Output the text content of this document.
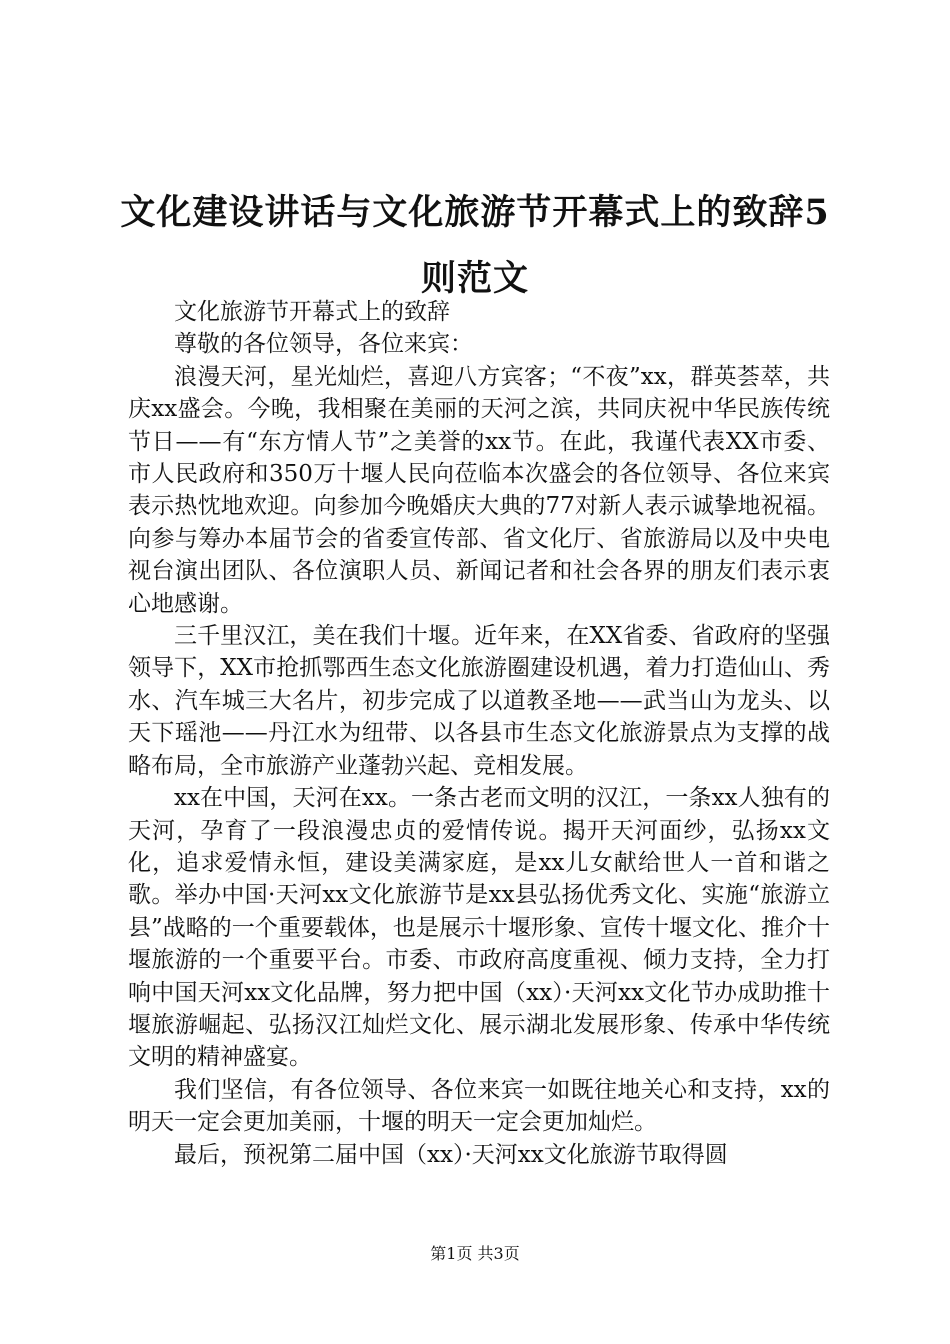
文化建设讲话与文化旅游节开幕式上的致辞5则范文

文化旅游节开幕式上的致辞

尊敬的各位领导，各位来宾：

浪漫天河，星光灿烂，喜迎八方宾客；“不夜”xx，群英荟萃，共庆xx盛会。今晚，我相聚在美丽的天河之滨，共同庆祝中华民族传统节日——有“东方情人节”之美誉的xx节。在此，我谨代表XX市委、市人民政府和350万十堰人民向莅临本次盛会的各位领导、各位来宾表示热忱地欢迎。向参加今晚婚庆大典的77对新人表示诚挚地祝福。向参与筹办本届节会的省委宣传部、省文化厅、省旅游局以及中央电视台演出团队、各位演职人员、新闻记者和社会各界的朋友们表示衷心地感谢。

三千里汉江，美在我们十堰。近年来，在XX省委、省政府的坚强领导下，XX市抢抓鄂西生态文化旅游圈建设机遇，着力打造仙山、秀水、汽车城三大名片，初步完成了以道教圣地——武当山为龙头、以天下瑶池——丹江水为纽带、以各县市生态文化旅游景点为支撑的战略布局，全市旅游产业蓬勃兴起、竞相发展。

xx在中国，天河在xx。一条古老而文明的汉江，一条xx人独有的天河，孕育了一段浪漫忠贞的爱情传说。揭开天河面纱，弘扬xx文化，追求爱情永恒，建设美满家庭，是xx儿女献给世人一首和谐之歌。举办中国·天河xx文化旅游节是xx县弘扬优秀文化、实施“旅游立县”战略的一个重要载体，也是展示十堰形象、宣传十堰文化、推介十堰旅游的一个重要平台。市委、市政府高度重视、倾力支持，全力打响中国天河xx文化品牌，努力把中国（xx）·天河xx文化节办成助推十堰旅游崛起、弘扬汉江灿烂文化、展示湖北发展形象、传承中华传统文明的精神盛宴。

我们坚信，有各位领导、各位来宾一如既往地关心和支持，xx的明天一定会更加美丽，十堰的明天一定会更加灿烂。

最后，预祝第二届中国（xx）·天河xx文化旅游节取得圆

第1页 共3页
